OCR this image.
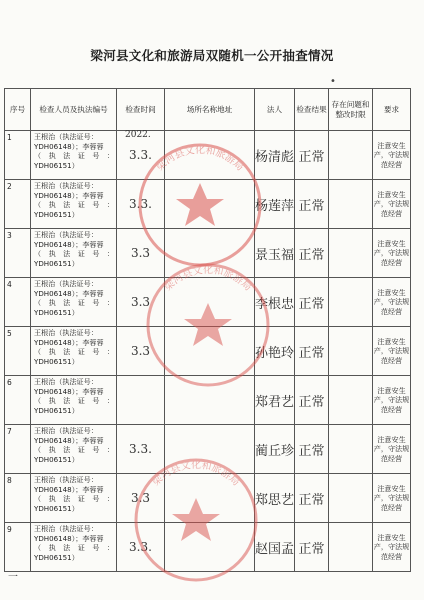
梁河县文化和旅游局双随机一公开抽查情况
•
序号	检查人员及执法编号	检查时间	场所名称地址	法人	检查结果	存在问题和整改时限	要求
1	王根治（执法证号：YDH06148）；李蓉蓉
（执法证号：
YDH06151）	2022.
3.3.		杨清彪	正常		注意安生产，守法规范经营
2	王根治（执法证号：YDH06148）；李蓉蓉
（执法证号：
YDH06151）	3.3.		杨莲萍	正常		注意安生产，守法规范经营
3	王根治（执法证号：YDH06148）；李蓉蓉
（执法证号：
YDH06151）	3.3		景玉福	正常		注意安生产，守法规范经营
4	王根治（执法证号：YDH06148）；李蓉蓉
（执法证号：
YDH06151）	3.3		李根忠	正常		注意安生产，守法规范经营
5	王根治（执法证号：YDH06148）；李蓉蓉
（执法证号：
YDH06151）	3.3		孙艳玲	正常		注意安生产，守法规范经营
6	王根治（执法证号：YDH06148）；李蓉蓉
（执法证号：
YDH06151）			郑君艺	正常		注意安生产，守法规范经营
7	王根治（执法证号：YDH06148）；李蓉蓉
（执法证号：
YDH06151）	3.3.		蔺丘珍	正常		注意安生产，守法规范经营
8	王根治（执法证号：YDH06148）；李蓉蓉
（执法证号：
YDH06151）	3.3		郑思艺	正常		注意安生产，守法规范经营
9	王根治（执法证号：YDH06148）；李蓉蓉
（执法证号：
YDH06151）	3.3.		赵国孟	正常		注意安生产，守法规范经营
一
梁河县文化和旅游局
梁河县文化和旅游局
梁河县文化和旅游局
